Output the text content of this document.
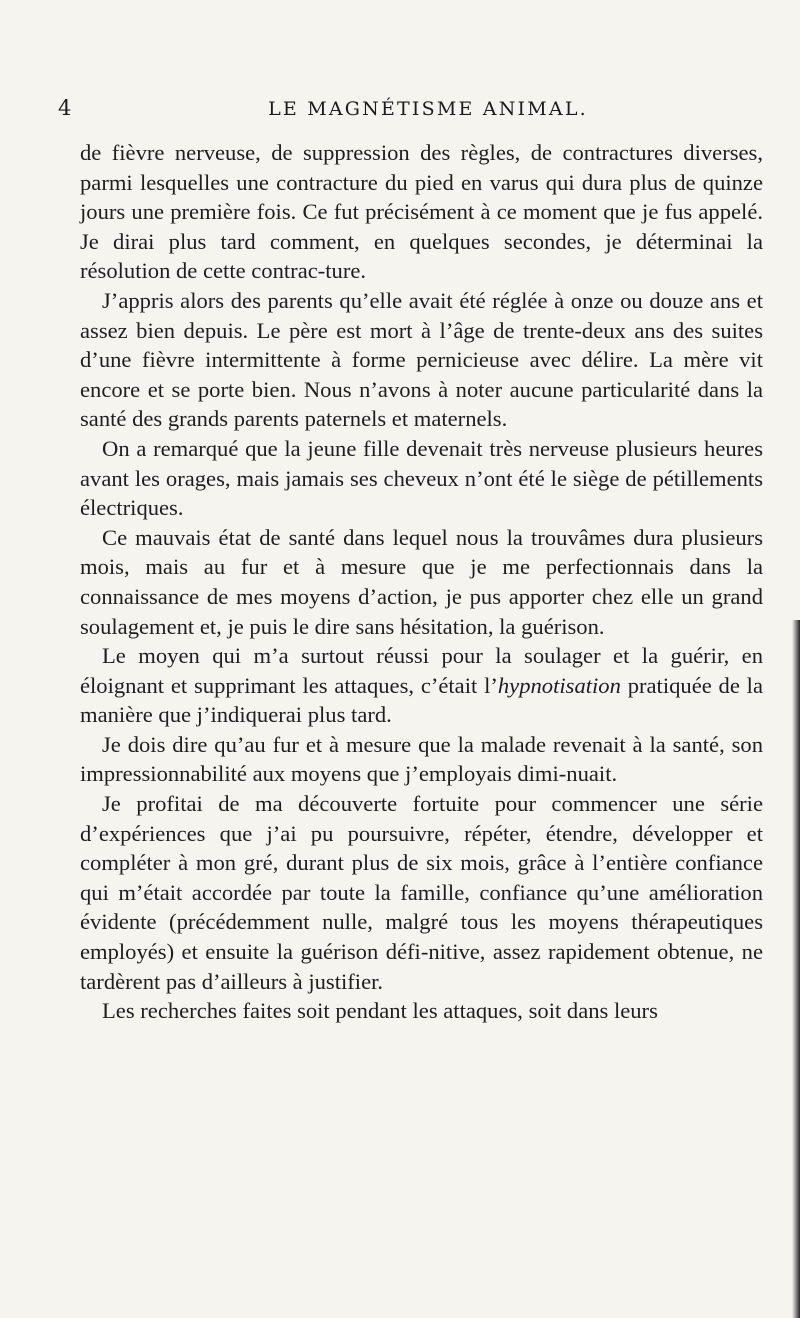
4	LE MAGNÉTISME ANIMAL.

de fièvre nerveuse, de suppression des règles, de contractures diverses, parmi lesquelles une contracture du pied en varus qui dura plus de quinze jours une première fois. Ce fut précisément à ce moment que je fus appelé. Je dirai plus tard comment, en quelques secondes, je déterminai la résolution de cette contrac-ture.

J’appris alors des parents qu’elle avait été réglée à onze ou douze ans et assez bien depuis. Le père est mort à l’âge de trente-deux ans des suites d’une fièvre intermittente à forme pernicieuse avec délire. La mère vit encore et se porte bien. Nous n’avons à noter aucune particularité dans la santé des grands parents paternels et maternels.

On a remarqué que la jeune fille devenait très nerveuse plusieurs heures avant les orages, mais jamais ses cheveux n’ont été le siège de pétillements électriques.

Ce mauvais état de santé dans lequel nous la trouvâmes dura plusieurs mois, mais au fur et à mesure que je me perfectionnais dans la connaissance de mes moyens d’action, je pus apporter chez elle un grand soulagement et, je puis le dire sans hésitation, la guérison.

Le moyen qui m’a surtout réussi pour la soulager et la guérir, en éloignant et supprimant les attaques, c’était l’hypnotisation pratiquée de la manière que j’indiquerai plus tard.

Je dois dire qu’au fur et à mesure que la malade revenait à la santé, son impressionnabilité aux moyens que j’employais dimi-nuait.

Je profitai de ma découverte fortuite pour commencer une série d’expériences que j’ai pu poursuivre, répéter, étendre, développer et compléter à mon gré, durant plus de six mois, grâce à l’entière confiance qui m’était accordée par toute la famille, confiance qu’une amélioration évidente (précédemment nulle, malgré tous les moyens thérapeutiques employés) et ensuite la guérison défi-nitive, assez rapidement obtenue, ne tardèrent pas d’ailleurs à justifier.

Les recherches faites soit pendant les attaques, soit dans leurs
